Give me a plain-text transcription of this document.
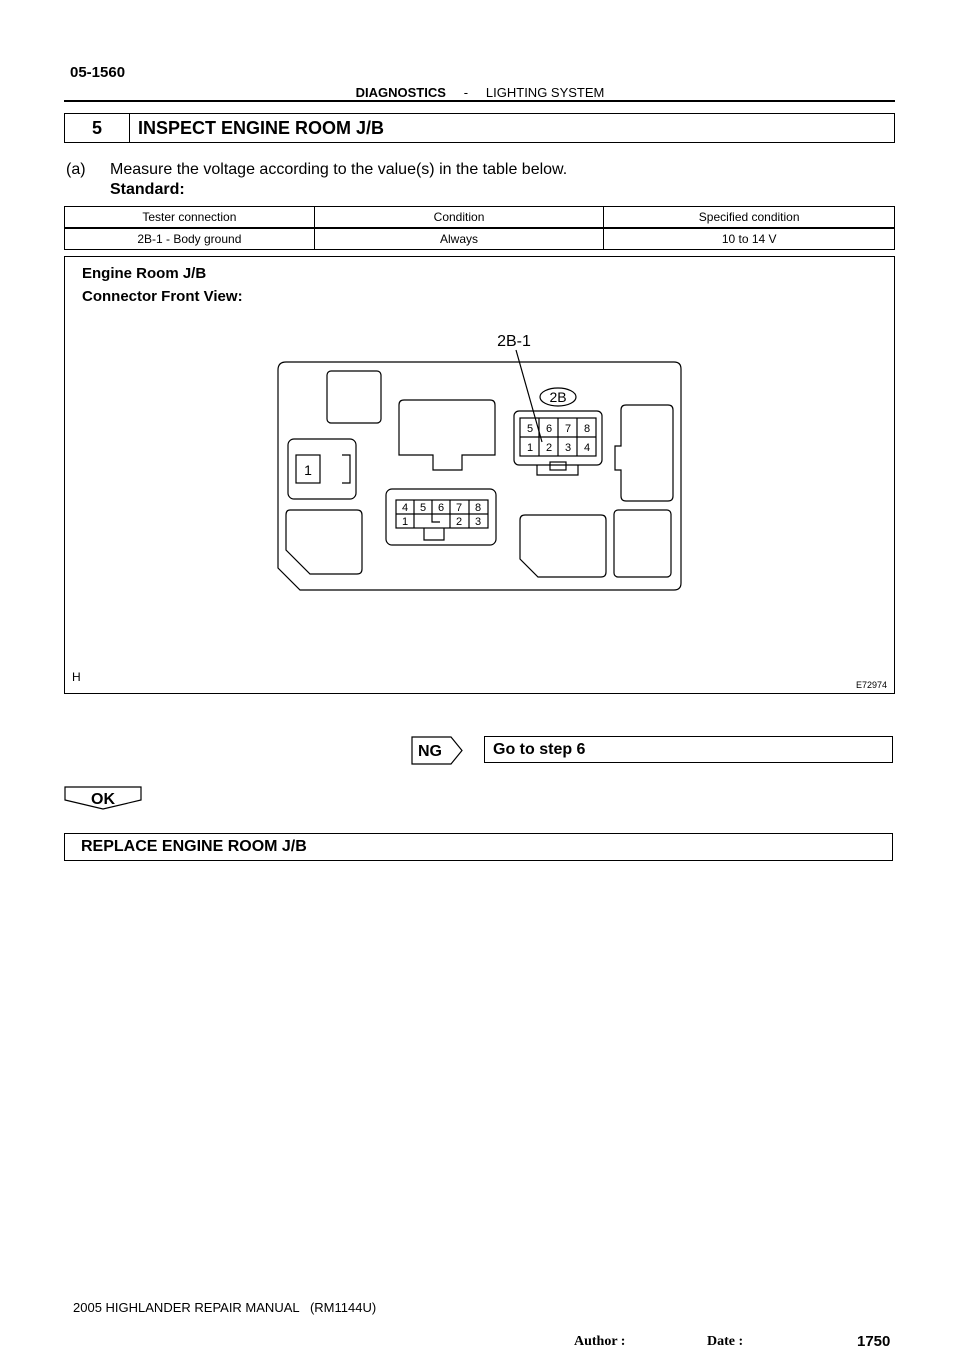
05-1560
DIAGNOSTICS - LIGHTING SYSTEM
5	INSPECT ENGINE ROOM J/B
(a) Measure the voltage according to the value(s) in the table below.
Standard:
Tester connection	Condition	Specified condition
2B-1 - Body ground	Always	10 to 14 V
Engine Room J/B
Connector Front View:
5 6 7 8
1 2 3 4
4 5 6 7 8
1	2 3
1
2B
2B-1
H
E72974
NG	Go to step 6
OK
REPLACE ENGINE ROOM J/B
2005 HIGHLANDER REPAIR MANUAL   (RM1144U)
Author :	Date :	1750
